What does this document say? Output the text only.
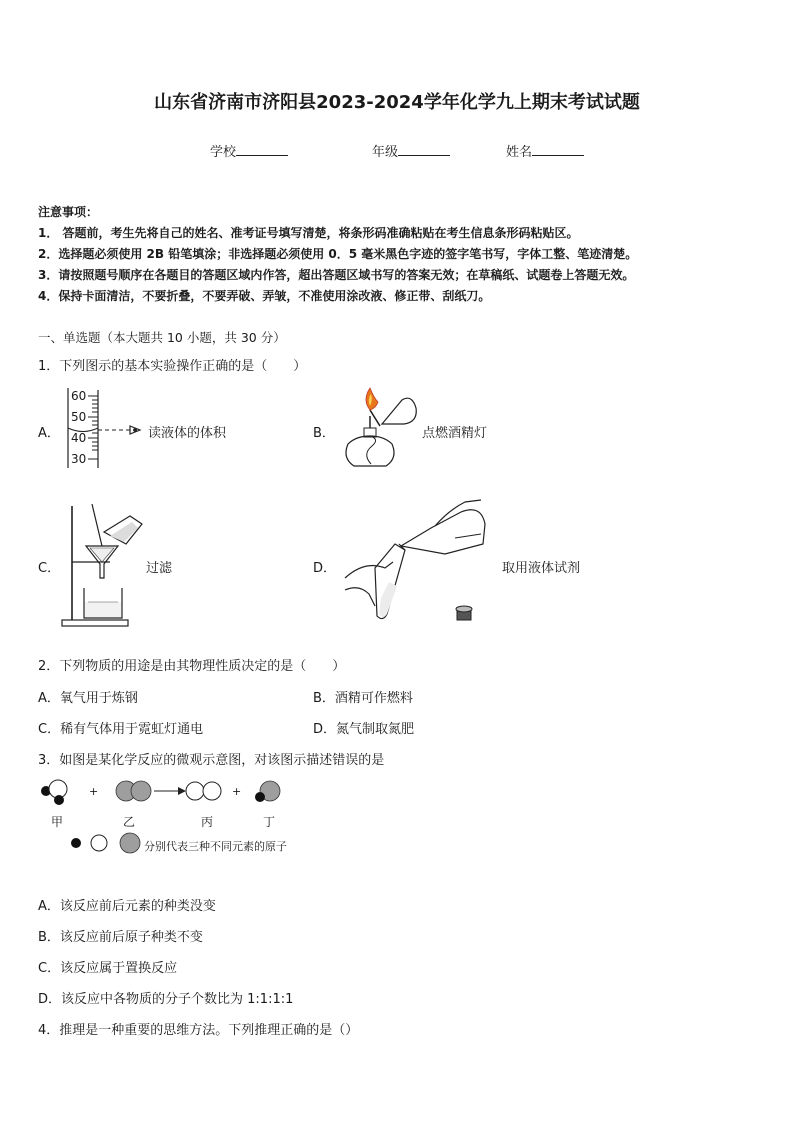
山东省济南市济阳县2023-2024学年化学九上期末考试试题
学校	年级	姓名
注意事项：
1． 答题前，考生先将自己的姓名、准考证号填写清楚，将条形码准确粘贴在考生信息条形码粘贴区。
2．选择题必须使用 2B 铅笔填涂；非选择题必须使用 0．5 毫米黑色字迹的签字笔书写，字体工整、笔迹清楚。
3．请按照题号顺序在各题目的答题区域内作答，超出答题区域书写的答案无效；在草稿纸、试题卷上答题无效。
4．保持卡面清洁，不要折叠，不要弄破、弄皱，不准使用涂改液、修正带、刮纸刀。
一、单选题（本大题共 10 小题，共 30 分）
1．下列图示的基本实验操作正确的是（　　）
A．
60
50
40
30
读液体的体积	B．	点燃酒精灯
C．	过滤	D．	取用液体试剂
2．下列物质的用途是由其物理性质决定的是（　　）
A．氧气用于炼钢	B．酒精可作燃料
C．稀有气体用于霓虹灯通电	D．氮气制取氮肥
3．如图是某化学反应的微观示意图，对该图示描述错误的是
+	+
甲	乙	丙	丁
分别代表三种不同元素的原子
A．该反应前后元素的种类没变
B．该反应前后原子种类不变
C．该反应属于置换反应
D．该反应中各物质的分子个数比为 1:1:1:1
4．推理是一种重要的思维方法。下列推理正确的是（）
